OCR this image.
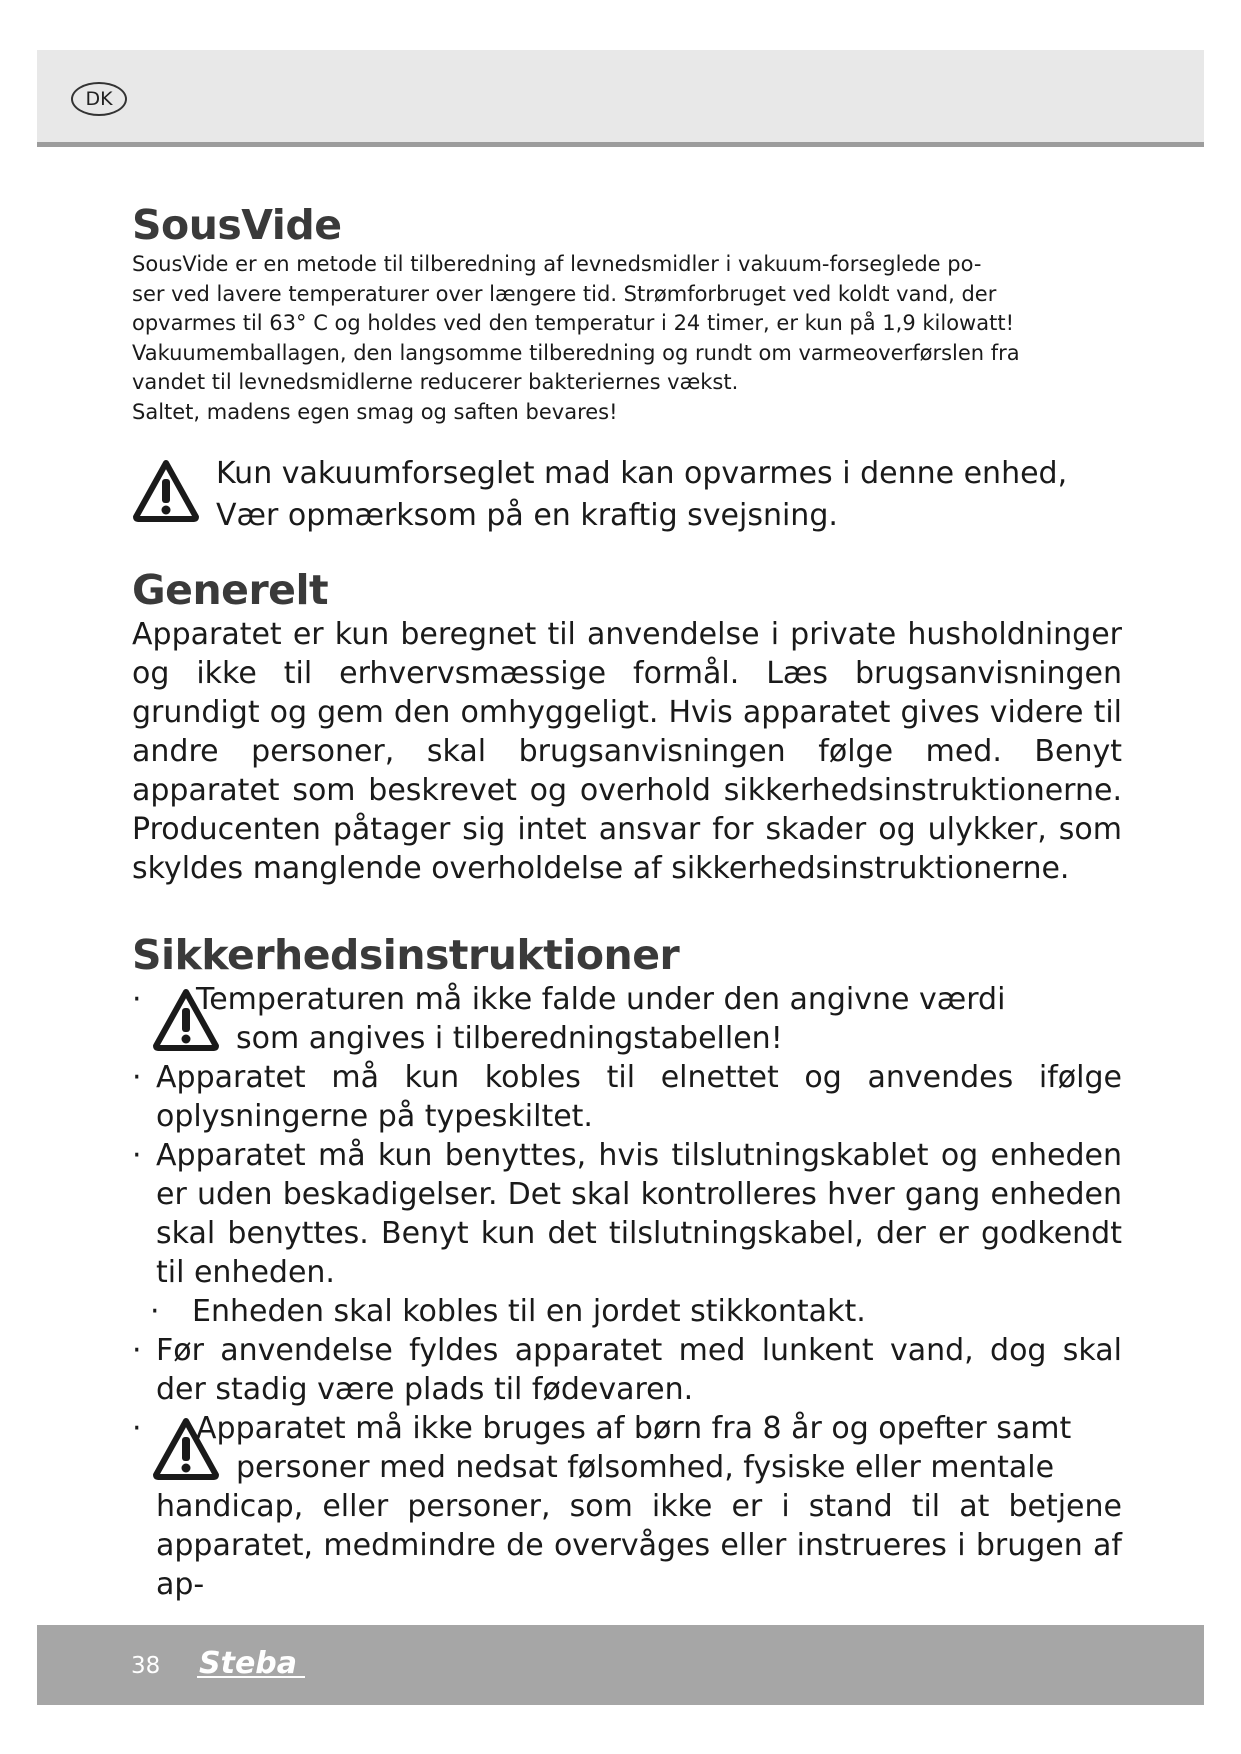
DK
SousVide

SousVide er en metode til tilberedning af levnedsmidler i vakuum-forseglede po-
ser ved lavere temperaturer over længere tid. Strømforbruget ved koldt vand, der
opvarmes til 63° C og holdes ved den temperatur i 24 timer, er kun på 1,9 kilowatt!
Vakuumemballagen, den langsomme tilberedning og rundt om varmeoverførslen fra
vandet til levnedsmidlerne reducerer bakteriernes vækst.
Saltet, madens egen smag og saften bevares!

Kun vakuumforseglet mad kan opvarmes i denne enhed,
Vær opmærksom på en kraftig svejsning.
Generelt

Apparatet er kun beregnet til anvendelse i private husholdninger og ikke til erhvervsmæssige formål. Læs brugsanvisningen grundigt og gem den omhyggeligt. Hvis apparatet gives videre til andre personer, skal brugsanvisningen følge med. Benyt apparatet som beskrevet og overhold sikkerhedsinstruktionerne. Producenten påtager sig intet ansvar for skader og ulykker, som skyldes manglende overholdelse af sikkerhedsinstruktionerne.

Sikkerhedsinstruktioner
· Temperaturen må ikke falde under den angivne værdi
som angives i tilberedningstabellen!
· Apparatet må kun kobles til elnettet og anvendes ifølge oplysningerne på typeskiltet.
· Apparatet må kun benyttes, hvis tilslutningskablet og enheden er uden beskadigelser. Det skal kontrolleres hver gang enheden skal benyttes. Benyt kun det tilslutningskabel, der er godkendt til enheden.
· Enheden skal kobles til en jordet stikkontakt.
· Før anvendelse fyldes apparatet med lunkent vand, dog skal der stadig være plads til fødevaren.
· Apparatet må ikke bruges af børn fra 8 år og opefter samt
personer med nedsat følsomhed, fysiske eller mentale
handicap, eller personer, som ikke er i stand til at betjene apparatet, medmindre de overvåges eller instrueres i brugen af ap-
38 Steba
